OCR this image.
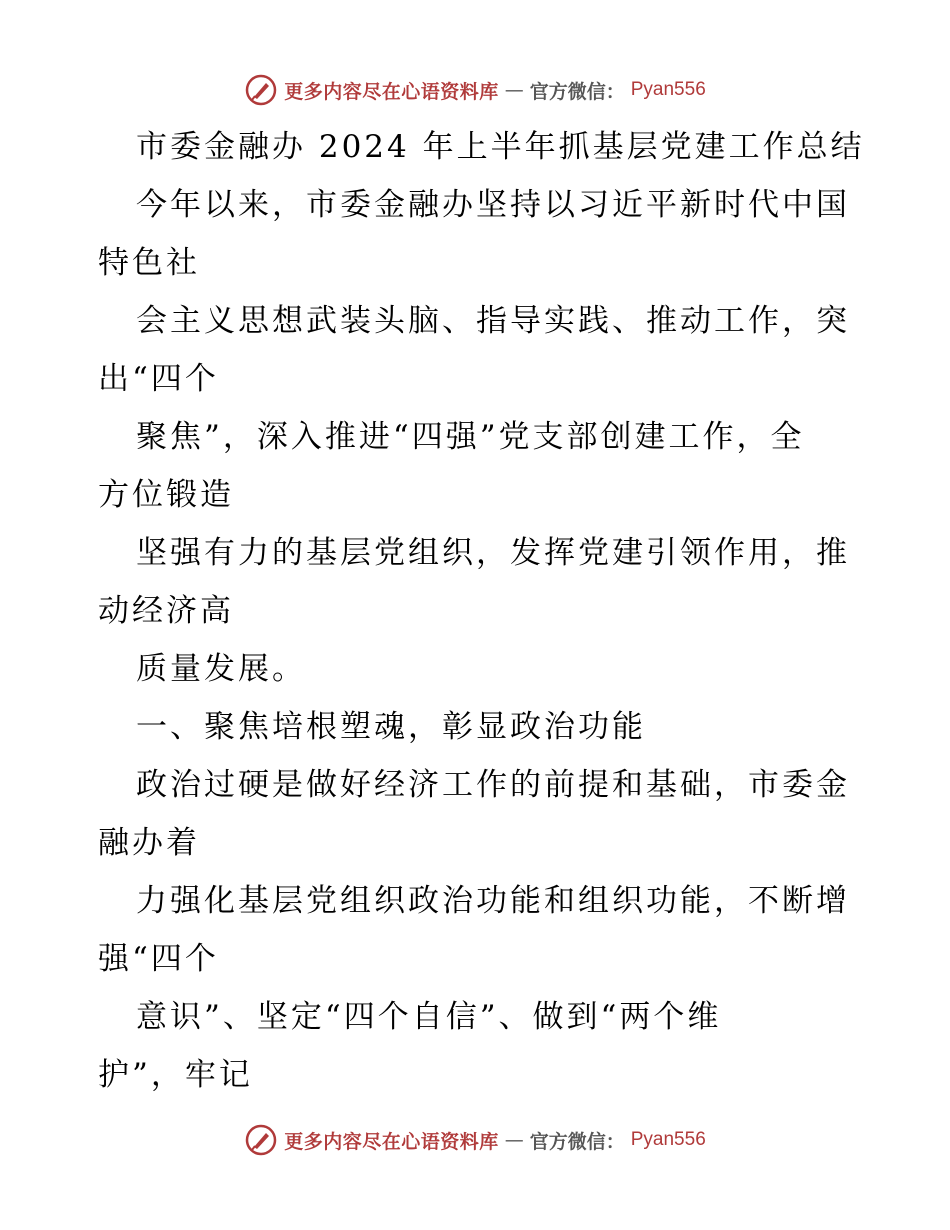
更多内容尽在心语资料库 — 官方微信： Pyan556
市委金融办 2024 年上半年抓基层党建工作总结
今年以来，市委金融办坚持以习近平新时代中国
特色社
会主义思想武装头脑、指导实践、推动工作，突
出“四个
聚焦”，深入推进“四强”党支部创建工作，全
方位锻造
坚强有力的基层党组织，发挥党建引领作用，推
动经济高
质量发展。
一、聚焦培根塑魂，彰显政治功能
政治过硬是做好经济工作的前提和基础，市委金
融办着
力强化基层党组织政治功能和组织功能，不断增
强“四个
意识”、坚定“四个自信”、做到“两个维
护”，牢记
更多内容尽在心语资料库 — 官方微信： Pyan556
